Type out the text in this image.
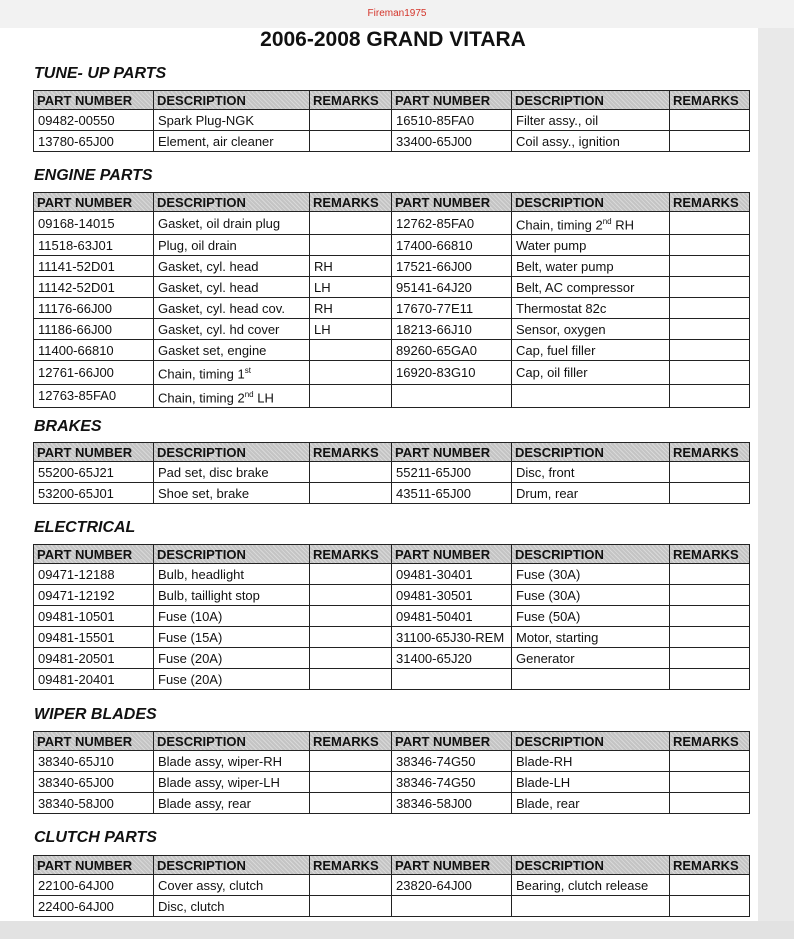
Fireman1975
2006-2008 GRAND VITARA
TUNE- UP PARTS
PART NUMBER	DESCRIPTION	REMARKS	PART NUMBER	DESCRIPTION	REMARKS
09482-00550	Spark Plug-NGK		16510-85FA0	Filter assy., oil	
13780-65J00	Element, air cleaner		33400-65J00	Coil assy., ignition	
ENGINE PARTS
PART NUMBER	DESCRIPTION	REMARKS	PART NUMBER	DESCRIPTION	REMARKS
09168-14015	Gasket, oil drain plug		12762-85FA0	Chain, timing 2nd RH	
11518-63J01	Plug, oil drain		17400-66810	Water pump	
11141-52D01	Gasket, cyl. head	RH	17521-66J00	Belt, water pump	
11142-52D01	Gasket, cyl. head	LH	95141-64J20	Belt, AC compressor	
11176-66J00	Gasket, cyl. head cov.	RH	17670-77E11	Thermostat 82c	
11186-66J00	Gasket, cyl. hd cover	LH	18213-66J10	Sensor, oxygen	
11400-66810	Gasket set, engine		89260-65GA0	Cap, fuel filler	
12761-66J00	Chain, timing 1st		16920-83G10	Cap, oil filler	
12763-85FA0	Chain, timing 2nd LH				
BRAKES
PART NUMBER	DESCRIPTION	REMARKS	PART NUMBER	DESCRIPTION	REMARKS
55200-65J21	Pad set, disc brake		55211-65J00	Disc, front	
53200-65J01	Shoe set, brake		43511-65J00	Drum, rear	
ELECTRICAL
PART NUMBER	DESCRIPTION	REMARKS	PART NUMBER	DESCRIPTION	REMARKS
09471-12188	Bulb, headlight		09481-30401	Fuse (30A)	
09471-12192	Bulb, taillight stop		09481-30501	Fuse (30A)	
09481-10501	Fuse (10A)		09481-50401	Fuse (50A)	
09481-15501	Fuse (15A)		31100-65J30-REM	Motor, starting	
09481-20501	Fuse (20A)		31400-65J20	Generator	
09481-20401	Fuse (20A)				
WIPER BLADES
PART NUMBER	DESCRIPTION	REMARKS	PART NUMBER	DESCRIPTION	REMARKS
38340-65J10	Blade assy, wiper-RH		38346-74G50	Blade-RH	
38340-65J00	Blade assy, wiper-LH		38346-74G50	Blade-LH	
38340-58J00	Blade assy, rear		38346-58J00	Blade, rear	
CLUTCH PARTS
PART NUMBER	DESCRIPTION	REMARKS	PART NUMBER	DESCRIPTION	REMARKS
22100-64J00	Cover assy, clutch		23820-64J00	Bearing, clutch release	
22400-64J00	Disc, clutch				
